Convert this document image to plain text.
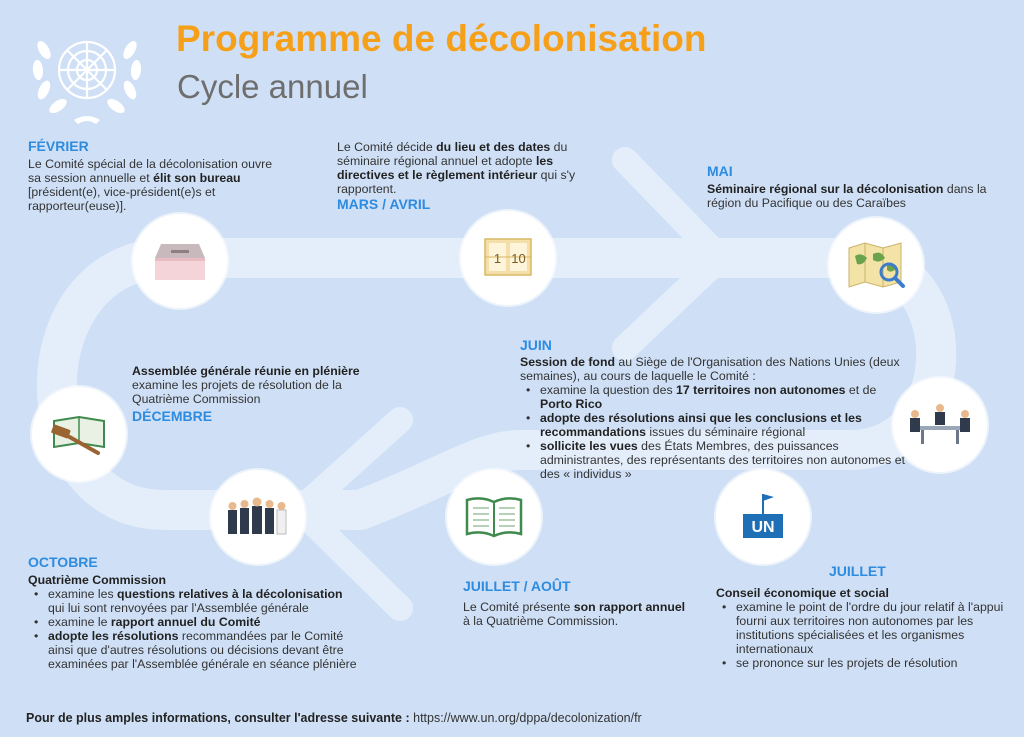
Programme de décolonisation
Cycle annuel
FÉVRIER
Le Comité spécial de la décolonisation ouvre sa session annuelle et élit son bureau [président(e), vice-président(e)s et rapporteur(euse)].
Le Comité décide du lieu et des dates du séminaire régional annuel et adopte les directives et le règlement intérieur qui s'y rapportent.
MARS / AVRIL
MAI
Séminaire régional sur la décolonisation dans la région du Pacifique ou des Caraïbes
JUIN
Session de fond au Siège de l'Organisation des Nations Unies (deux semaines), au cours de laquelle le Comité :
• examine la question des 17 territoires non autonomes et de Porto Rico
• adopte des résolutions ainsi que les conclusions et les recommandations issues du séminaire régional
• sollicite les vues des États Membres, des puissances administrantes, des représentants des territoires non autonomes et des « individus »
Assemblée générale réunie en plénière examine les projets de résolution de la Quatrième Commission
DÉCEMBRE
OCTOBRE
Quatrième Commission
• examine les questions relatives à la décolonisation qui lui sont renvoyées par l'Assemblée générale
• examine le rapport annuel du Comité
• adopte les résolutions recommandées par le Comité ainsi que d'autres résolutions ou décisions devant être examinées par l'Assemblée générale en séance plénière
JUILLET / AOÛT
Le Comité présente son rapport annuel à la Quatrième Commission.
JUILLET
Conseil économique et social
• examine le point de l'ordre du jour relatif à l'appui fourni aux territoires non autonomes par les institutions spécialisées et les organismes internationaux
• se prononce sur les projets de résolution
1 10
UN
Pour de plus amples informations, consulter l'adresse suivante : https://www.un.org/dppa/decolonization/fr
